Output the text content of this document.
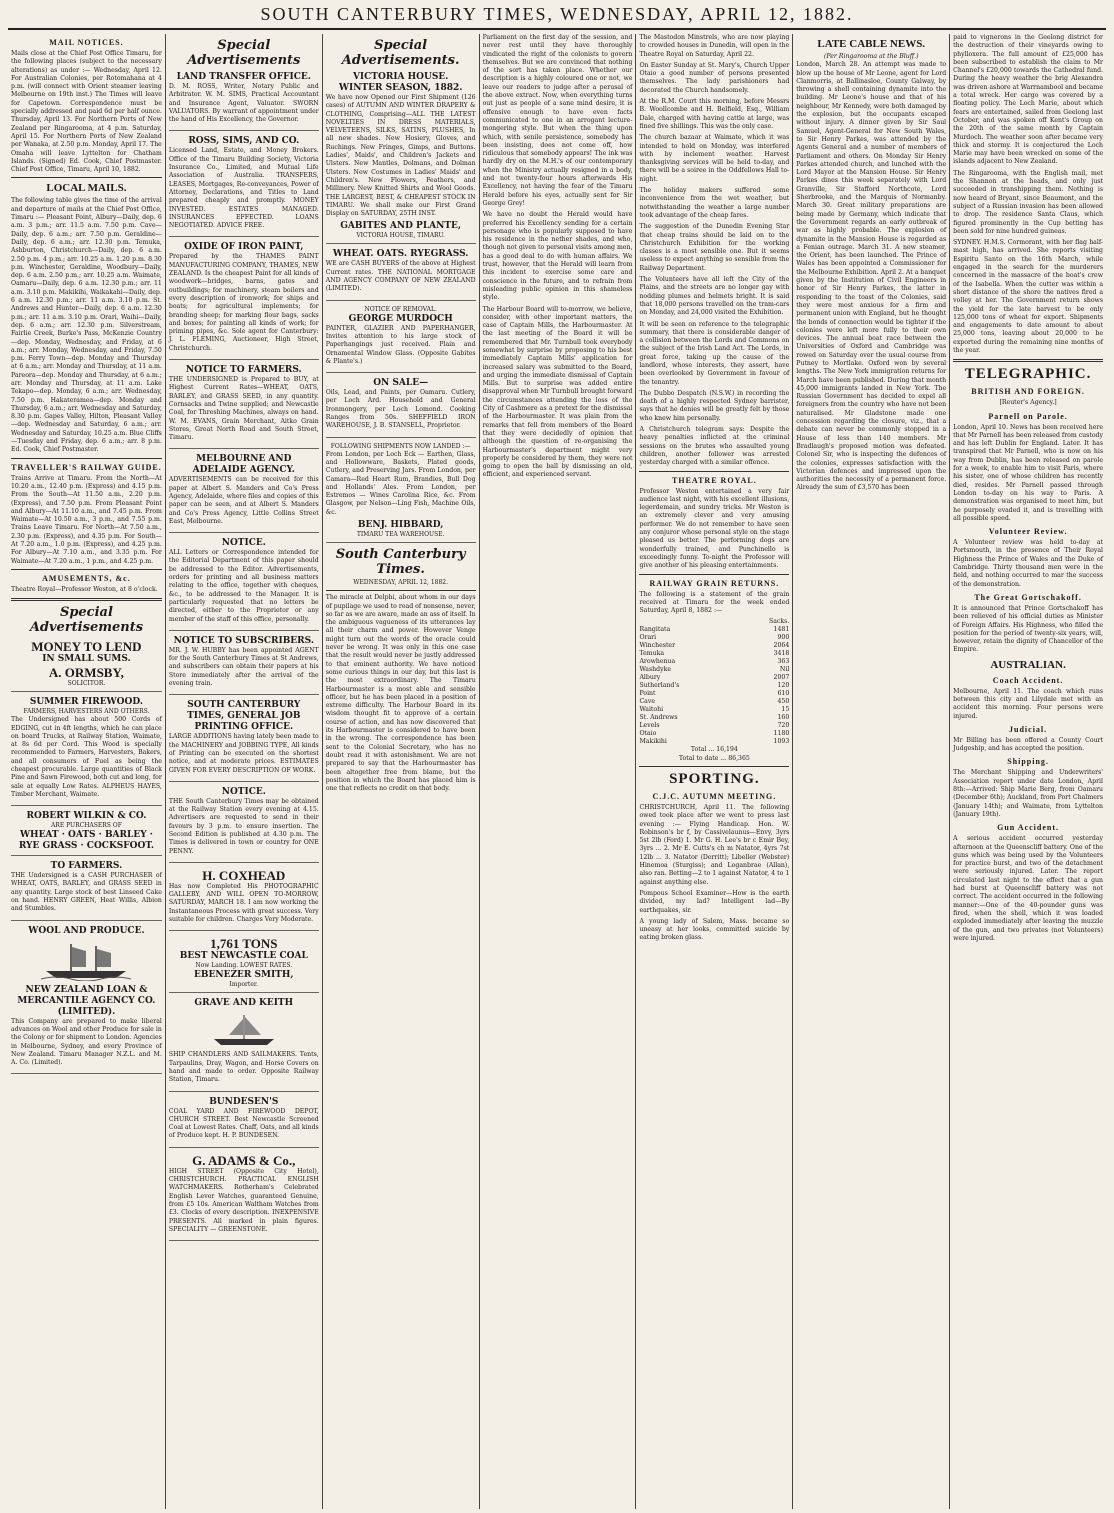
SOUTH CANTERBURY TIMES, WEDNESDAY, APRIL 12, 1882.
MAIL NOTICES.

Mails close at the Chief Post Office Timaru, for the following places (subject to the necessary alterations) as under :— Wednesday, April 12. For Australian Colonies, per Rotomahana at 4 p.m. (will connect with Orient steamer leaving Melbourne on 19th inst.) The Times will leave for Capetown. Correspondence must be specially addressed and paid 6d per half ounce. Thursday, April 13. For Northern Ports of New Zealand per Ringarooma, at 4 p.m. Saturday, April 15. For Northern Ports of New Zealand per Wanaka, at 2.50 p.m. Monday, April 17. The Omaha will leave Lyttelton for Chatham Islands. (Signed) Ed. Cook, Chief Postmaster. Chief Post Office, Timaru, April 10, 1882.

LOCAL MAILS.

The following table gives the time of the arrival and departure of mails at the Chief Post Office, Timaru :— Pleasant Point, Albury—Daily, dep. 6 a.m. 3 p.m.; arr. 11.5 a.m. 7.50 p.m. Cave—Daily, dep. 6 a.m.; arr. 7.50 p.m. Geraldine—Daily, dep. 6 a.m.; arr. 12.30 p.m. Temuka, Ashburton, Christchurch—Daily, dep. 6 a.m. 2.50 p.m. 4 p.m.; arr. 10.25 a.m. 1.20 p.m. 8.30 p.m. Winchester, Geraldine, Woodbury—Daily, dep. 6 a.m. 2.50 p.m.; arr. 10.25 a.m. Waimate, Oamaru—Daily, dep. 6 a.m. 12.30 p.m.; arr. 11 a.m. 3.10 p.m. Makikihi, Waikakahi—Daily, dep. 6 a.m. 12.30 p.m.; arr. 11 a.m. 3.10 p.m. St. Andrews and Hunter—Daily, dep. 6 a.m. 12.30 p.m.; arr. 11 a.m. 3.10 p.m. Orari, Waihi—Daily, dep. 6 a.m.; arr. 12.30 p.m. Silverstream, Fairlie Creek, Burke's Pass, McKenzie Country—dep. Monday, Wednesday, and Friday, at 6 a.m.; arr. Monday, Wednesday, and Friday, 7.50 p.m. Ferry Town—dep. Monday and Thursday at 6 a.m.; arr. Monday and Thursday, at 11 a.m. Pareora—dep. Monday and Thursday, at 6 a.m.; arr. Monday and Thursday, at 11 a.m. Lake Tekapo—dep. Monday, 6 a.m.; arr. Wednesday, 7.50 p.m. Hakateramea—dep. Monday and Thursday, 6 a.m.; arr. Wednesday and Saturday, 8.30 p.m. Gapes Valley, Hilton, Pleasant Valley—dep. Wednesday and Saturday, 6 a.m.; arr. Wednesday and Saturday, 10.25 a.m. Blue Cliffs—Tuesday and Friday, dep. 6 a.m.; arr. 8 p.m. Ed. Cook, Chief Postmaster.

TRAVELLER'S RAILWAY GUIDE.

Trains Arrive at Timaru. From the North—At 10.20 a.m., 12.40 p.m. (Express) and 4.15 p.m. From the South—At 11.50 a.m., 2.20 p.m. (Express), and 7.50 p.m. From Pleasant Point and Albury—At 11.10 a.m., and 7.45 p.m. From Waimate—At 10.50 a.m., 3 p.m., and 7.55 p.m. Trains Leave Timaru. For North—At 7.50 a.m., 2.30 p.m. (Express), and 4.35 p.m. For South—At 7.20 a.m., 1.0 p.m. (Express), and 4.25 p.m. For Albury—At 7.10 a.m., and 3.35 p.m. For Waimate—At 7.20 a.m., 1 p.m., and 4.25 p.m.

AMUSEMENTS, &c.

Theatre Royal—Professor Weston, at 8 o'clock.

Special Advertisements
MONEY TO LEND
IN SMALL SUMS.
A. ORMSBY,
SOLICITOR.
SUMMER FIREWOOD.
FARMERS, HARVESTERS AND OTHERS.

The Undersigned has about 500 Cords of EDGING, cut in 4ft lengths, which he can place on board Trucks, at Railway Station, Waimate, at 8s 6d per Cord. This Wood is specially recommended to Farmers, Harvesters, Bakers, and all consumers of Fuel as being the cheapest procurable. Large quantities of Black Pine and Sawn Firewood, both cut and long, for sale at equally Low Rates. ALPHEUS HAYES, Timber Merchant, Waimate.

ROBERT WILKIN & CO.
ARE PURCHASERS OF
WHEAT · OATS · BARLEY · RYE GRASS · COCKSFOOT.
TO FARMERS.

THE Undersigned is a CASH PURCHASER of WHEAT, OATS, BARLEY, and GRASS SEED in any quantity. Large stock of best Linseed Cake on hand. HENRY GREEN, Heat Willis, Albion and Stumbles.

WOOL AND PRODUCE.
NEW ZEALAND LOAN & MERCANTILE AGENCY CO. (LIMITED).

This Company are prepared to make liberal advances on Wool and other Produce for sale in the Colony or for shipment to London. Agencies in Melbourne, Sydney, and every Province of New Zealand. Timaru Manager N.Z.L. and M. A. Co. (Limited).

Special Advertisements
LAND TRANSFER OFFICE.

D. M. ROSS, Writer, Notary Public and Arbitrator. W. M. SIMS, Practical Accountant and Insurance Agent, Valuator. SWORN VALUATORS. By warrant of appointment under the hand of His Excellency, the Governor.

ROSS, SIMS, AND CO.

Licensed Land, Estate, and Money Brokers. Office of the Timaru Building Society, Victoria Insurance Co., Limited, and Mutual Life Association of Australia. TRANSFERS, LEASES, Mortgages, Re-conveyances, Power of Attorney, Declarations, and Titles to Land prepared cheaply and promptly. MONEY INVESTED. ESTATES MANAGED. INSURANCES EFFECTED. LOANS NEGOTIATED. ADVICE FREE.

OXIDE OF IRON PAINT,

Prepared by the THAMES PAINT MANUFACTURING COMPANY, THAMES, NEW ZEALAND. Is the cheapest Paint for all kinds of woodwork—bridges, barns, gates and outbuildings; for machinery, steam boilers and every description of ironwork; for ships and boats; for agricultural implements; for branding sheep; for marking flour bags, sacks and boxes; for painting all kinds of work; for priming pipes, &c. Sole agent for Canterbury: J. L. FLEMING, Auctioneer, High Street, Christchurch.

NOTICE TO FARMERS.

THE UNDERSIGNED is Prepared to BUY, at Highest Current Rates—WHEAT, OATS, BARLEY, and GRASS SEED, in any quantity. Cornsacks and Twine supplied; and Newcastle Coal, for Threshing Machines, always on hand. W. M. EVANS, Grain Merchant, Aitko Grain Stores, Great North Road and South Street, Timaru.

MELBOURNE AND ADELAIDE AGENCY.

ADVERTISEMENTS can be received for this paper at Albert S. Manders and Co's Press Agency, Adelaide, where files and copies of this paper can be seen, and at Albert S. Manders and Co's Press Agency, Little Collins Street East, Melbourne.

NOTICE.

ALL Letters or Correspondence intended for the Editorial Department of this paper should be addressed to the Editor. Advertisements, orders for printing and all business matters relating to the office, together with cheques, &c., to be addressed to the Manager. It is particularly requested that no letters be directed, either to the Proprietor or any member of the staff of this office, personally.

NOTICE TO SUBSCRIBERS.

MR. J. W. HUBBY has been appointed AGENT for the South Canterbury Times at St Andrews, and subscribers can obtain their papers at his Store immediately after the arrival of the evening train.

SOUTH CANTERBURY TIMES, GENERAL JOB PRINTING OFFICE.

LARGE ADDITIONS having lately been made to the MACHINERY and JOBBING TYPE, All kinds of Printing can be executed on the shortest notice, and at moderate prices. ESTIMATES GIVEN FOR EVERY DESCRIPTION OF WORK.

NOTICE.

THE South Canterbury Times may be obtained at the Railway Station every evening at 4.15. Advertisers are requested to send in their favours by 3 p.m. to ensure insertion. The Second Edition is published at 4.30 p.m. The Times is delivered in town or country for ONE PENNY.

H. COXHEAD

Has now Completed His PHOTOGRAPHIC GALLERY, AND WILL OPEN TO-MORROW, SATURDAY, MARCH 18. I am now working the Instantaneous Process with great success. Very suitable for children. Charges Very Moderate.

1,761 TONS
BEST NEWCASTLE COAL
Now Landing. LOWEST RATES.
EBENEZER SMITH,
Importer.
GRAVE AND KEITH

SHIP CHANDLERS AND SAILMAKERS. Tents, Tarpaulins, Dray, Wagon, and Horse Covers on hand and made to order. Opposite Railway Station, Timaru.

BUNDESEN'S

COAL YARD AND FIREWOOD DEPOT, CHURCH STREET. Best Newcastle Screened Coal at Lowest Rates. Chaff, Oats, and all kinds of Produce kept. H. P. BUNDESEN.

G. ADAMS & Co.,

HIGH STREET (Opposite City Hotel), CHRISTCHURCH. PRACTICAL ENGLISH WATCHMAKERS. Rotherham's Celebrated English Lever Watches, guaranteed Genuine, from £5 10s. American Waltham Watches from £3. Clocks of every description. INEXPENSIVE PRESENTS. All marked in plain figures. SPECIALITY — GREENSTONE.

Special Advertisements.
VICTORIA HOUSE.
WINTER SEASON, 1882.

We have now Opened our First Shipment (126 cases) of AUTUMN AND WINTER DRAPERY & CLOTHING, Comprising—ALL THE LATEST NOVELTIES IN DRESS MATERIALS, VELVETEENS, SILKS, SATINS, PLUSHES, In all new shades. New Hosiery, Gloves, and Ruchings. New Fringes, Gimps, and Buttons. Ladies', Maids', and Children's Jackets and Ulsters. New Mantles, Dolmans, and Dolman Ulsters. New Costumes in Ladies' Maids' and Children's. New Flowers, Feathers, and Millinery. New Knitted Shirts and Wool Goods. THE LARGEST, BEST, & CHEAPEST STOCK IN TIMARU. We shall make our First Grand Display on SATURDAY, 25TH INST.

GABITES AND PLANTE,
VICTORIA HOUSE, TIMARU.
WHEAT. OATS. RYEGRASS.

WE are CASH BUYERS of the above at Highest Current rates. THE NATIONAL MORTGAGE AND AGENCY COMPANY OF NEW ZEALAND (LIMITED).

NOTICE OF REMOVAL.
GEORGE MURDOCH

PAINTER, GLAZIER AND PAPERHANGER, Invites attention to his large stock of Paperhangings just received. Plain and Ornamental Window Glass. (Opposite Gabites & Plante's.)

ON SALE—

Oils, Lead, and Paints, per Oamaru. Cutlery, per Loch Ard. Household and General Ironmongery, per Loch Lomond. Cooking Ranges from 50s. SHEFFIELD IRON WAREHOUSE, J. B. STANSELL, Proprietor.

FOLLOWING SHIPMENTS NOW LANDED :—

From London, per Loch Eck — Earthen, Glass, and Hollowware, Baskets, Plated goods, Cutlery, and Preserving Jars. From London, per Camara—Red Heart Rum, Brandies, Bull Dog and Hollands' Ales. From London, per Estremos — Wines Carolina Rice, &c. From Glasgow, per Nelson—Ling Fish, Machine Oils, &c.

BENJ. HIBBARD,
TIMARU TEA WAREHOUSE.
South Canterbury Times.
WEDNESDAY, APRIL 12, 1882.

The miracle at Delphi, about whom in our days of pupilage we used to read of nonsense, never, so far as we are aware, made an ass of itself. In the ambiguous vagueness of its utterances lay all their charm and power. However Venge might turn out the words of the oracle could never be wrong. It was only in this one case that the result would never be justly addressed to that eminent authority. We have noticed some curious things in our day, but this last is the most extraordinary. The Timaru Harbourmaster is a most able and sensible officer, but he has been placed in a position of extreme difficulty. The Harbour Board in its wisdom thought fit to approve of a certain course of action, and has now discovered that its Harbourmaster is considered to have been in the wrong. The correspondence has been sent to the Colonial Secretary, who has no doubt read it with astonishment. We are not prepared to say that the Harbourmaster has been altogether free from blame, but the position in which the Board has placed him is one that reflects no credit on that body.

Parliament on the first day of the session, and never rest until they have thoroughly vindicated the right of the colonists to govern themselves. But we are convinced that nothing of the sort has taken place. Whether our description is a highly coloured one or not, we leave our readers to judge after a perusal of the above extract. Now, when everything turns out just as people of a sane mind desire, it is offensive enough to have even facts communicated to one in an arrogant lecture-mongering style. But when the thing upon which, with senile persistence, somebody has been insisting, does not come off, how ridiculous that somebody appears! The ink was hardly dry on the M.H.'s of our contemporary when the Ministry actually resigned in a body, and not twenty-four hours afterwards His Excellency, not having the fear of the Timaru Herald before his eyes, actually sent for Sir George Grey!

We have no doubt the Herald would have preferred his Excellency sending for a certain personage who is popularly supposed to have his residence in the nether shades, and who, though not given to personal visits among men, has a good deal to do with human affairs. We trust, however, that the Herald will learn from this incident to exercise some care and conscience in the future, and to refrain from misleading public opinion in this shameless style.

The Harbour Board will to-morrow, we believe, consider, with other important matters, the case of Captain Mills, the Harbourmaster. At the last meeting of the Board it will be remembered that Mr. Turnbull took everybody somewhat by surprise by proposing to his best immediately Captain Mills' application for increased salary was submitted to the Board, and urging the immediate dismissal of Captain Mills. But to surprise was added entire disapproval when Mr Turnbull brought forward the circumstances attending the loss of the City of Cashmere as a pretext for the dismissal of the Harbourmaster. It was plain from the remarks that fell from members of the Board that they were decidedly of opinion that although the question of re-organising the Harbourmaster's department might very properly be considered by them, they were not going to open the ball by dismissing an old, efficient, and experienced servant.

The Mastodon Minstrels, who are now playing to crowded houses in Dunedin, will open in the Theatre Royal on Saturday, April 22.

On Easter Sunday at St. Mary's, Church Upper Otaio a good number of persons presented themselves. The lady parishioners had decorated the Church handsomely.

At the R.M. Court this morning, before Messrs B. Woollcombe and H. Belfield, Esq., William Dale, charged with having cattle at large, was fined five shillings. This was the only case.

The church bazaar at Waimate, which it was intended to hold on Monday, was interfered with by inclement weather. Harvest thanksgiving services will be held to-day, and there will be a soiree in the Oddfellows Hall to-night.

The holiday makers suffered some inconvenience from the wet weather, but notwithstanding the weather a large number took advantage of the cheap fares.

The suggestion of the Dunedin Evening Star that cheap trains should be laid on to the Christchurch Exhibition for the working classes is a most sensible one. But it seems useless to expect anything so sensible from the Railway Department.

The Volunteers have all left the City of the Plains, and the streets are no longer gay with nodding plumes and helmets bright. It is said that 18,000 persons travelled on the tram-cars on Monday, and 24,000 visited the Exhibition.

It will be seen on reference to the telegraphic summary, that there is considerable danger of a collision between the Lords and Commons on the subject of the Irish Land Act. The Lords, in great force, taking up the cause of the landlord, whose interests, they assert, have been overlooked by Government in favour of the tenantry.

The Dubbo Despatch (N.S.W.) in recording the death of a highly respected Sydney barrister, says that he denies will be greatly felt by those who knew him personally.

A Christchurch telegram says: Despite the heavy penalties inflicted at the criminal sessions on the brutes who assaulted young children, another follower was arrested yesterday charged with a similar offence.

THEATRE ROYAL.

Professor Weston entertained a very fair audience last night, with his excellent illusions, legerdemain, and sundry tricks. Mr Weston is an extremely clever and very amusing performer. We do not remember to have seen any conjuror whose personal style on the stage pleased us better. The performing dogs are wonderfully trained, and Punchinello is exceedingly funny. To-night the Professor will give another of his pleasing entertainments.

RAILWAY GRAIN RETURNS.

The following is a statement of the grain received at Timaru for the week ended Saturday, April 8, 1882 :—

	Sacks.
Rangitata	1481
Orari	900
Winchester	2064
Temuka	3418
Arowhenua	363
Washdyke	Nil
Albury	2007
Sutherland's	120
Point	610
Cave	450
Waitohi	15
St. Andrews	160
Levels	720
Otaio	1180
Makikihi	1093
Total ... 16,194
Total to date ... 86,365
SPORTING.
C.J.C. AUTUMN MEETING.

CHRISTCHURCH, April 11. The following owed took place after we went to press last evening :— Flying Handicap. Hon. W. Robinson's br f, by Cassivelaunus—Envy, 3yrs 5st 2lb (Ford) 1. Mr G. H. Lee's br c Emir Bey, 3yrs ... 2. Mr E. Cutts's ch m Natator, 4yrs 7st 12lb ... 3. Natator (Derritt); Libeller (Webster) Hinemoa (Sturgiss); and Loganbrae (Allan), also ran. Betting—2 to 1 against Natator, 4 to 1 against anything else.

Pompous School Examiner—How is the earth divided, my lad? Intelligent lad—By earthquakes, sir.

A young lady of Salem, Mass. became so uneasy at her looks, committed suicide by eating broken glass.

LATE CABLE NEWS.
(Per Ringarooma at the Bluff.)

London, March 28. An attempt was made to blow up the house of Mr Leone, agent for Lord Clanmorris, at Ballinasloe, County Galway, by throwing a shell containing dynamite into the building. Mr Leone's house and that of his neighbour, Mr Kennedy, were both damaged by the explosion, but the occupants escaped without injury. A dinner given by Sir Saul Samuel, Agent-General for New South Wales, to Sir Henry Parkes, was attended by the Agents General and a number of members of Parliament and others. On Monday Sir Henry Parkes attended church, and lunched with the Lord Mayor at the Mansion House. Sir Henry Parkes dines this week separately with Lord Granville, Sir Stafford Northcote, Lord Sherbrooke, and the Marquis of Normanby. March 30. Great military preparations are being made by Germany, which indicate that the Government regards an early outbreak of war as highly probable. The explosion of dynamite in the Mansion House is regarded as a Fenian outrage. March 31. A new steamer, the Orient, has been launched. The Prince of Wales has been appointed a Commissioner for the Melbourne Exhibition. April 2. At a banquet given by the Institution of Civil Engineers in honor of Sir Henry Parkes, the latter in responding to the toast of the Colonies, said they were most anxious for a firm and permanent union with England, but he thought the bonds of connection would be tighter if the colonies were left more fully to their own devices. The annual boat race between the Universities of Oxford and Cambridge was rowed on Saturday over the usual course from Putney to Mortlake. Oxford won by several lengths. The New York immigration returns for March have been published. During that month 45,000 immigrants landed in New York. The Russian Government has decided to expel all foreigners from the country who have not been naturalised. Mr Gladstone made one concession regarding the closure, viz., that a debate can never be commonly stopped in a House of less than 140 members. Mr Bradlaugh's proposed motion was defeated. Colonel Sir, who is inspecting the defences of the colonies, expresses satisfaction with the Victorian defences and impressed upon the authorities the necessity of a permanent force. Already the sum of £3,570 has been

paid to vignerons in the Geelong district for the destruction of their vineyards owing to phylloxera. The full amount of £25,000 has been subscribed to establish the claim to Mr Channel's £20,000 towards the Cathedral fund. During the heavy weather the brig Alexandra was driven ashore at Warrnambool and became a total wreck. Her cargo was covered by a floating policy. The Loch Marie, about which fears are entertained, sailed from Geelong last October, and was spoken off Kent's Group on the 20th of the same month by Captain Murdoch. The weather soon after became very thick and stormy. It is conjectured the Loch Marie may have been wrecked on some of the islands adjacent to New Zealand.

The Ringarooma, with the English mail, met the Shannon at the heads, and only just succeeded in transhipping them. Nothing is now heard of Bryant, since Beaumont, and the subject of a Russian invasion has been allowed to drop. The residence Santa Claus, which figured prominently in the Cup betting has been sold for nine hundred guineas.

SYDNEY. H.M.S. Cormorant, with her flag half-mast high, has arrived. She reports visiting Espiritu Santo on the 16th March, while engaged in the search for the murderers concerned in the massacre of the boat's crew of the Isabella. When the cutter was within a short distance of the shore the natives fired a volley at her. The Government return shows the yield for the late harvest to be only 125,000 tons of wheat for export. Shipments and engagements to date amount to about 25,000 tons, leaving about 20,000 to be exported during the remaining nine months of the year.

TELEGRAPHIC.
BRITISH AND FOREIGN.
[Reuter's Agency.]
Parnell on Parole.

London, April 10. News has been received here that Mr Parnell has been released from custody and has left Dublin for England. Later. It has transpired that Mr Parnell, who is now on his way from Dublin, has been released on parole for a week, to enable him to visit Paris, where his sister, one of whose children has recently died, resides. Mr Parnell passed through London to-day on his way to Paris. A demonstration was organised to meet him, but he purposely evaded it, and is travelling with all possible speed.

Volunteer Review.

A Volunteer review was held to-day at Portsmouth, in the presence of Their Royal Highness the Prince of Wales and the Duke of Cambridge. Thirty thousand men were in the field, and nothing occurred to mar the success of the demonstration.

The Great Gortschakoff.

It is announced that Prince Gortschakoff has been relieved of his official duties as Minister of Foreign Affairs. His Highness, who filled the position for the period of twenty-six years, will, however, retain the dignity of Chancellor of the Empire.

AUSTRALIAN.
Coach Accident.

Melbourne, April 11. The coach which runs between this city and Lilydale met with an accident this morning. Four persons were injured.

Judicial.

Mr Billing has been offered a County Court Judgeship, and has accepted the position.

Shipping.

The Merchant Shipping and Underwriters' Association report under date London, April 8th:—Arrived: Ship Marie Berg, from Oamaru (December 6th); Auckland, from Port Chalmers (January 14th); and Waimate, from Lyttelton (January 19th).

Gun Accident.

A serious accident occurred yesterday afternoon at the Queenscliff battery. One of the guns which was being used by the Volunteers for practice burst, and two of the detachment were seriously injured. Later. The report circulated last night to the effect that a gun had burst at Queenscliff battery was not correct. The accident occurred in the following manner:—One of the 40-pounder guns was fired, when the shell, which it was loaded exploded immediately after leaving the muzzle of the gun, and two privates (not Volunteers) were injured.
